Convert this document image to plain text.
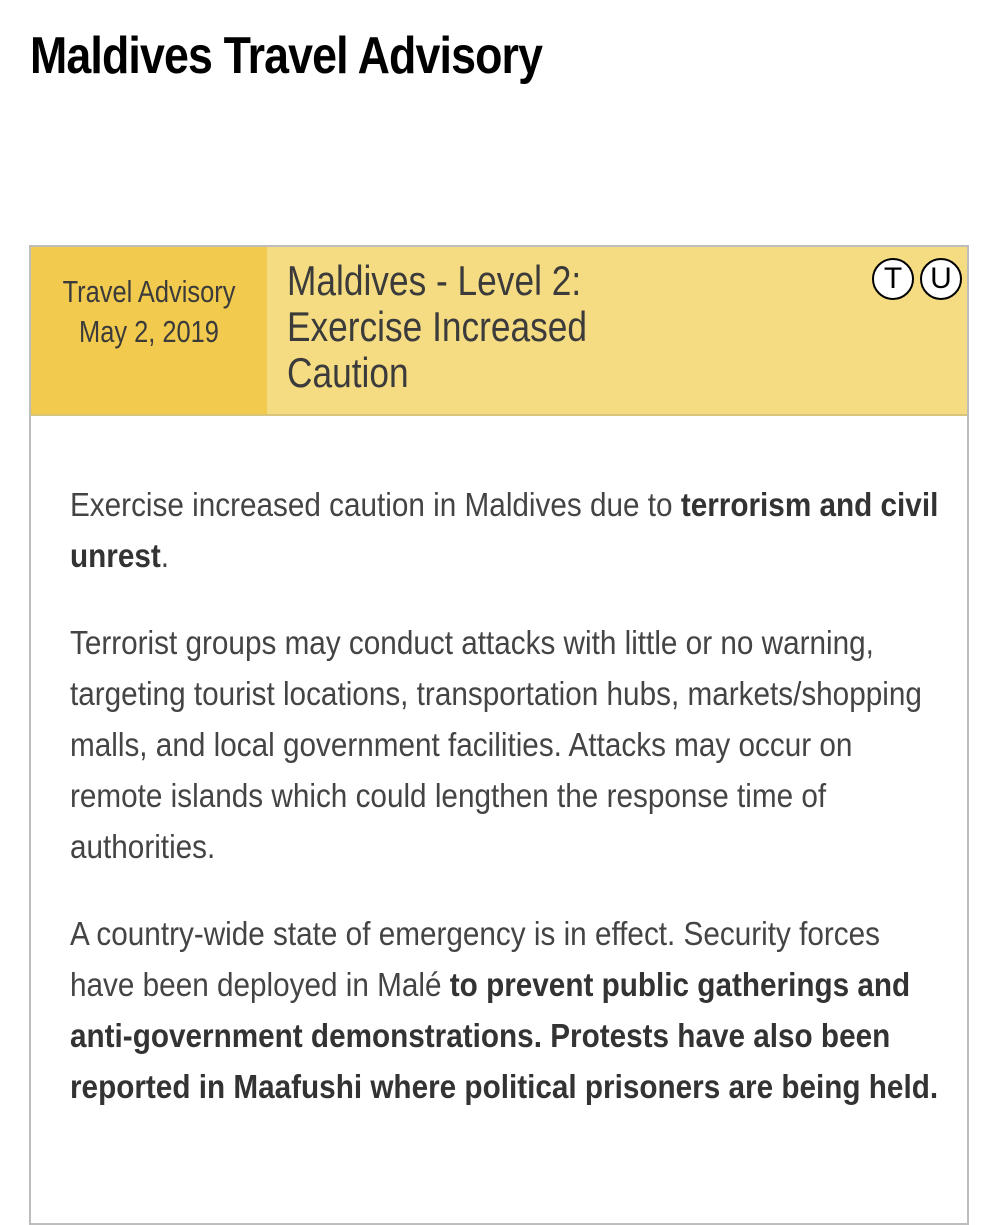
Maldives Travel Advisory
Travel Advisory
May 2, 2019
Maldives - Level 2:
Exercise Increased
Caution
T U

Exercise increased caution in Maldives due to terrorism and civil unrest.

Terrorist groups may conduct attacks with little or no warning, targeting tourist locations, transportation hubs, markets/shopping malls, and local government facilities. Attacks may occur on remote islands which could lengthen the response time of authorities.

A country-wide state of emergency is in effect. Security forces have been deployed in Malé to prevent public gatherings and anti-government demonstrations. Protests have also been reported in Maafushi where political prisoners are being held.
